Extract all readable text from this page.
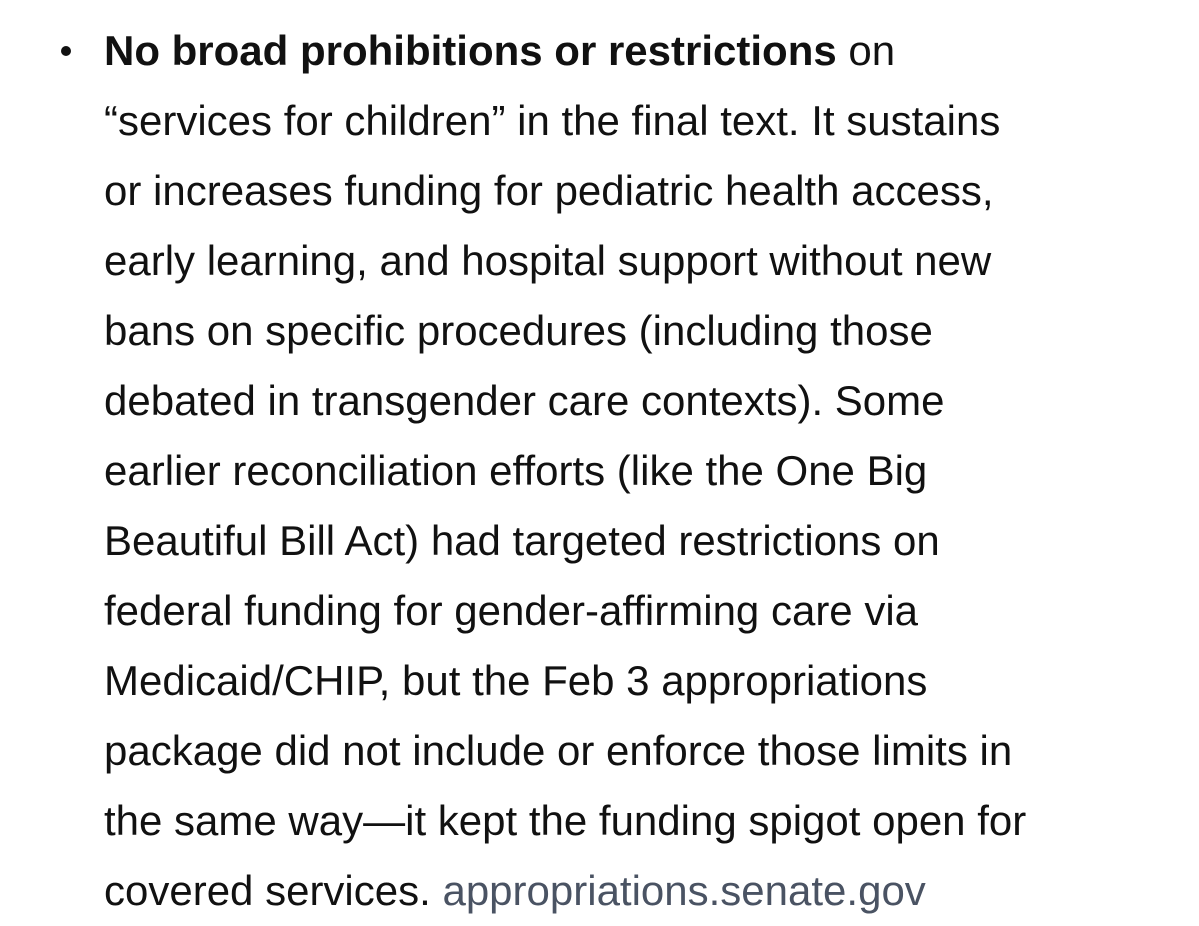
No broad prohibitions or restrictions on
“services for children” in the final text. It sustains
or increases funding for pediatric health access,
early learning, and hospital support without new
bans on specific procedures (including those
debated in transgender care contexts). Some
earlier reconciliation efforts (like the One Big
Beautiful Bill Act) had targeted restrictions on
federal funding for gender-affirming care via
Medicaid/CHIP, but the Feb 3 appropriations
package did not include or enforce those limits in
the same way—it kept the funding spigot open for
covered services. appropriations.senate.gov
